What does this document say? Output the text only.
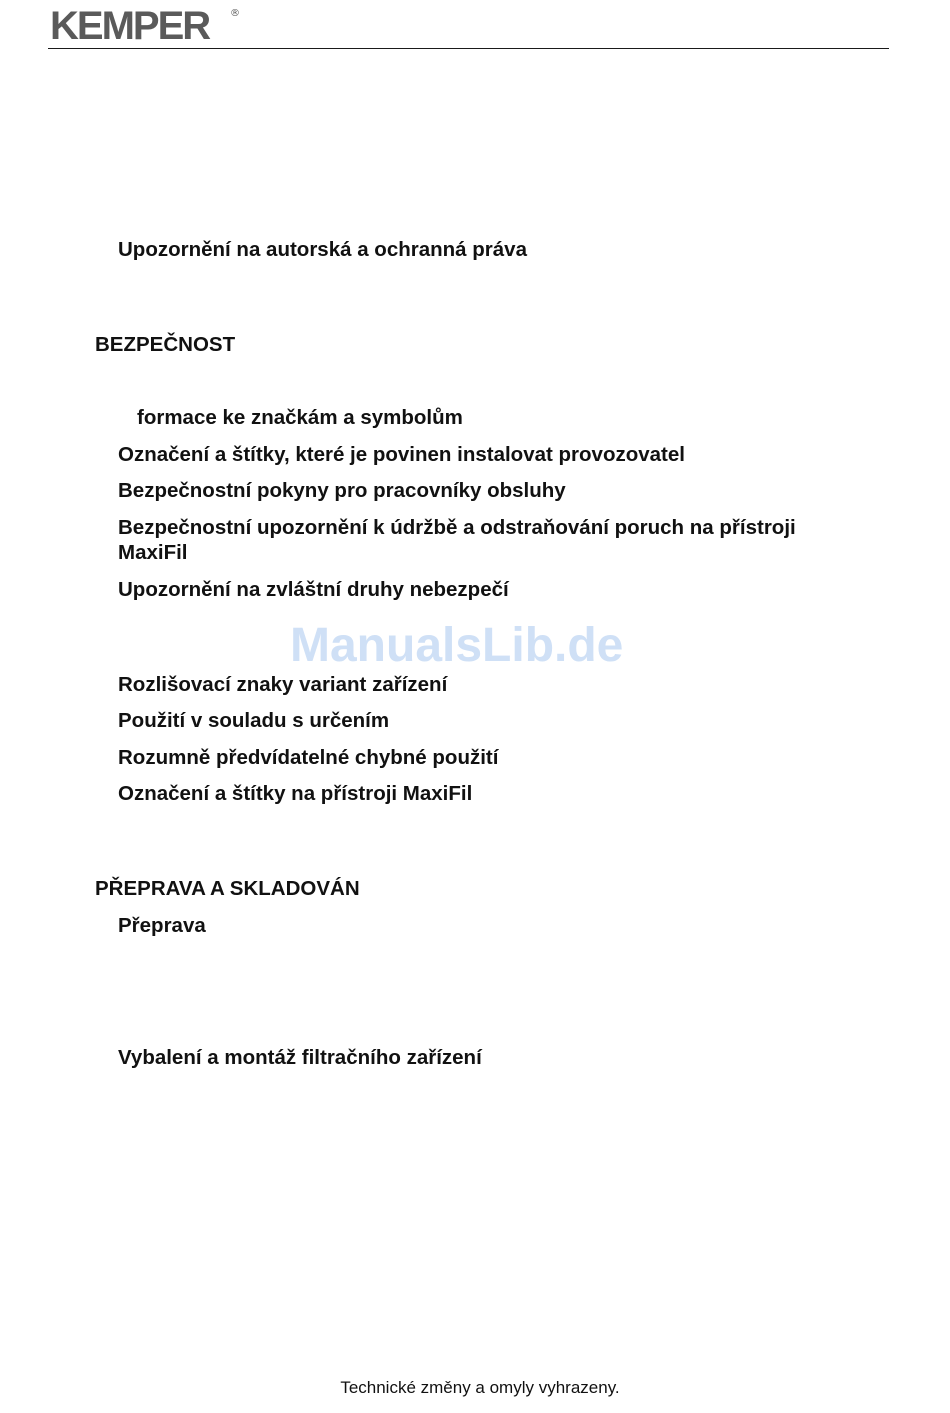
KEMPER ®
Upozornění na autorská a ochranná práva
BEZPEČNOST
formace ke značkám a symbolům
Označení a štítky, které je povinen instalovat provozovatel
Bezpečnostní pokyny pro pracovníky obsluhy
Bezpečnostní upozornění k údržbě a odstraňování poruch na přístroji MaxiFil
Upozornění na zvláštní druhy nebezpečí
ManualsLib.de
Rozlišovací znaky variant zařízení
Použití v souladu s určením
Rozumně předvídatelné chybné použití
Označení a štítky na přístroji MaxiFil
PŘEPRAVA A SKLADOVÁN
Přeprava
Vybalení a montáž filtračního zařízení
Technické změny a omyly vyhrazeny.
